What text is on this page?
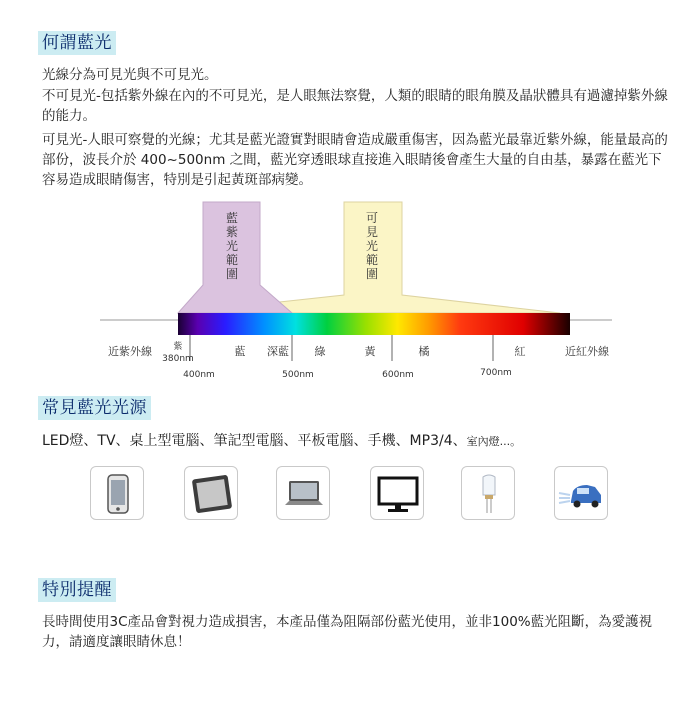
何謂藍光

光線分為可見光與不可見光。

不可見光-包括紫外線在內的不可見光，是人眼無法察覺，人類的眼睛的眼角膜及晶狀體具有過濾掉紫外線的能力。

可見光-人眼可察覺的光線；尤其是藍光證實對眼睛會造成嚴重傷害，因為藍光最靠近紫外線，能量最高的部份，波長介於 400~500nm 之間，藍光穿透眼球直接進入眼睛後會產生大量的自由基，暴露在藍光下容易造成眼睛傷害，特別是引起黃斑部病變。

藍紫光範圍
可見光範圍
近紫外線 紫
380nm
藍 深藍 綠	黃	橘	紅	近紅外線
400nm	500nm	600nm	700nm
常見藍光光源
LED燈、TV、桌上型電腦、筆記型電腦、平板電腦、手機、MP3/4、室內燈...。
特別提醒

長時間使用3C產品會對視力造成損害，本產品僅為阻隔部份藍光使用，並非100%藍光阻斷，為愛護視力，請適度讓眼睛休息！
